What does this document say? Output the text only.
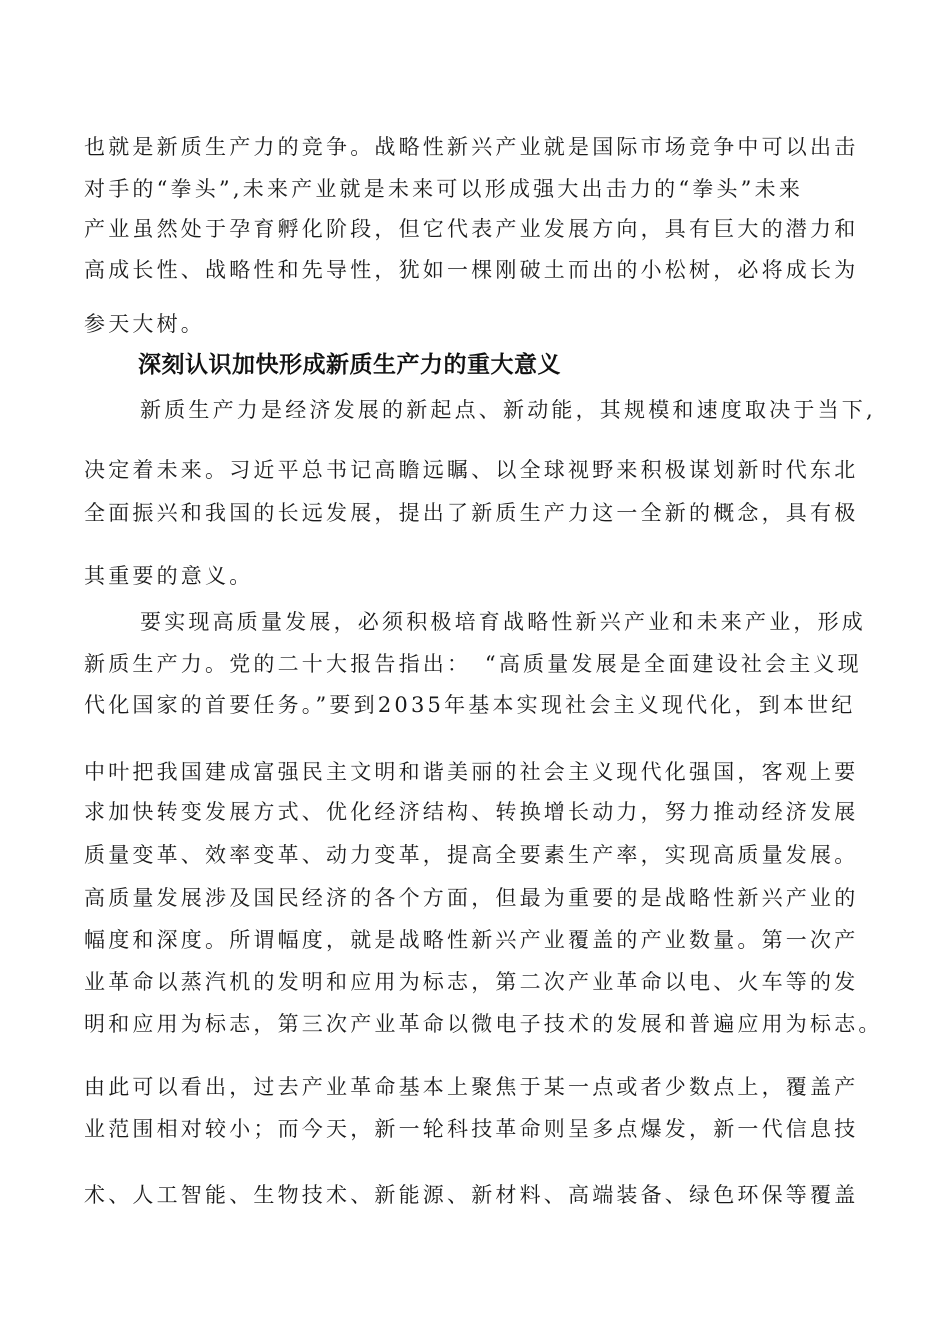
也就是新质生产力的竞争。战略性新兴产业就是国际市场竞争中可以出击
对手的“拳头”,未来产业就是未来可以形成强大出击力的“拳头”未来
产业虽然处于孕育孵化阶段，但它代表产业发展方向，具有巨大的潜力和
高成长性、战略性和先导性，犹如一棵刚破土而出的小松树，必将成长为
参天大树。
深刻认识加快形成新质生产力的重大意义
新质生产力是经济发展的新起点、新动能，其规模和速度取决于当下,
决定着未来。习近平总书记高瞻远瞩、以全球视野来积极谋划新时代东北
全面振兴和我国的长远发展，提出了新质生产力这一全新的概念，具有极
其重要的意义。
要实现高质量发展，必须积极培育战略性新兴产业和未来产业，形成
新质生产力。党的二十大报告指出：　“高质量发展是全面建设社会主义现
代化国家的首要任务。”要到2035年基本实现社会主义现代化，到本世纪
中叶把我国建成富强民主文明和谐美丽的社会主义现代化强国，客观上要
求加快转变发展方式、优化经济结构、转换增长动力，努力推动经济发展
质量变革、效率变革、动力变革，提高全要素生产率，实现高质量发展。
高质量发展涉及国民经济的各个方面，但最为重要的是战略性新兴产业的
幅度和深度。所谓幅度，就是战略性新兴产业覆盖的产业数量。第一次产
业革命以蒸汽机的发明和应用为标志，第二次产业革命以电、火车等的发
明和应用为标志，第三次产业革命以微电子技术的发展和普遍应用为标志。
由此可以看出，过去产业革命基本上聚焦于某一点或者少数点上，覆盖产
业范围相对较小；而今天，新一轮科技革命则呈多点爆发，新一代信息技
术、人工智能、生物技术、新能源、新材料、高端装备、绿色环保等覆盖
